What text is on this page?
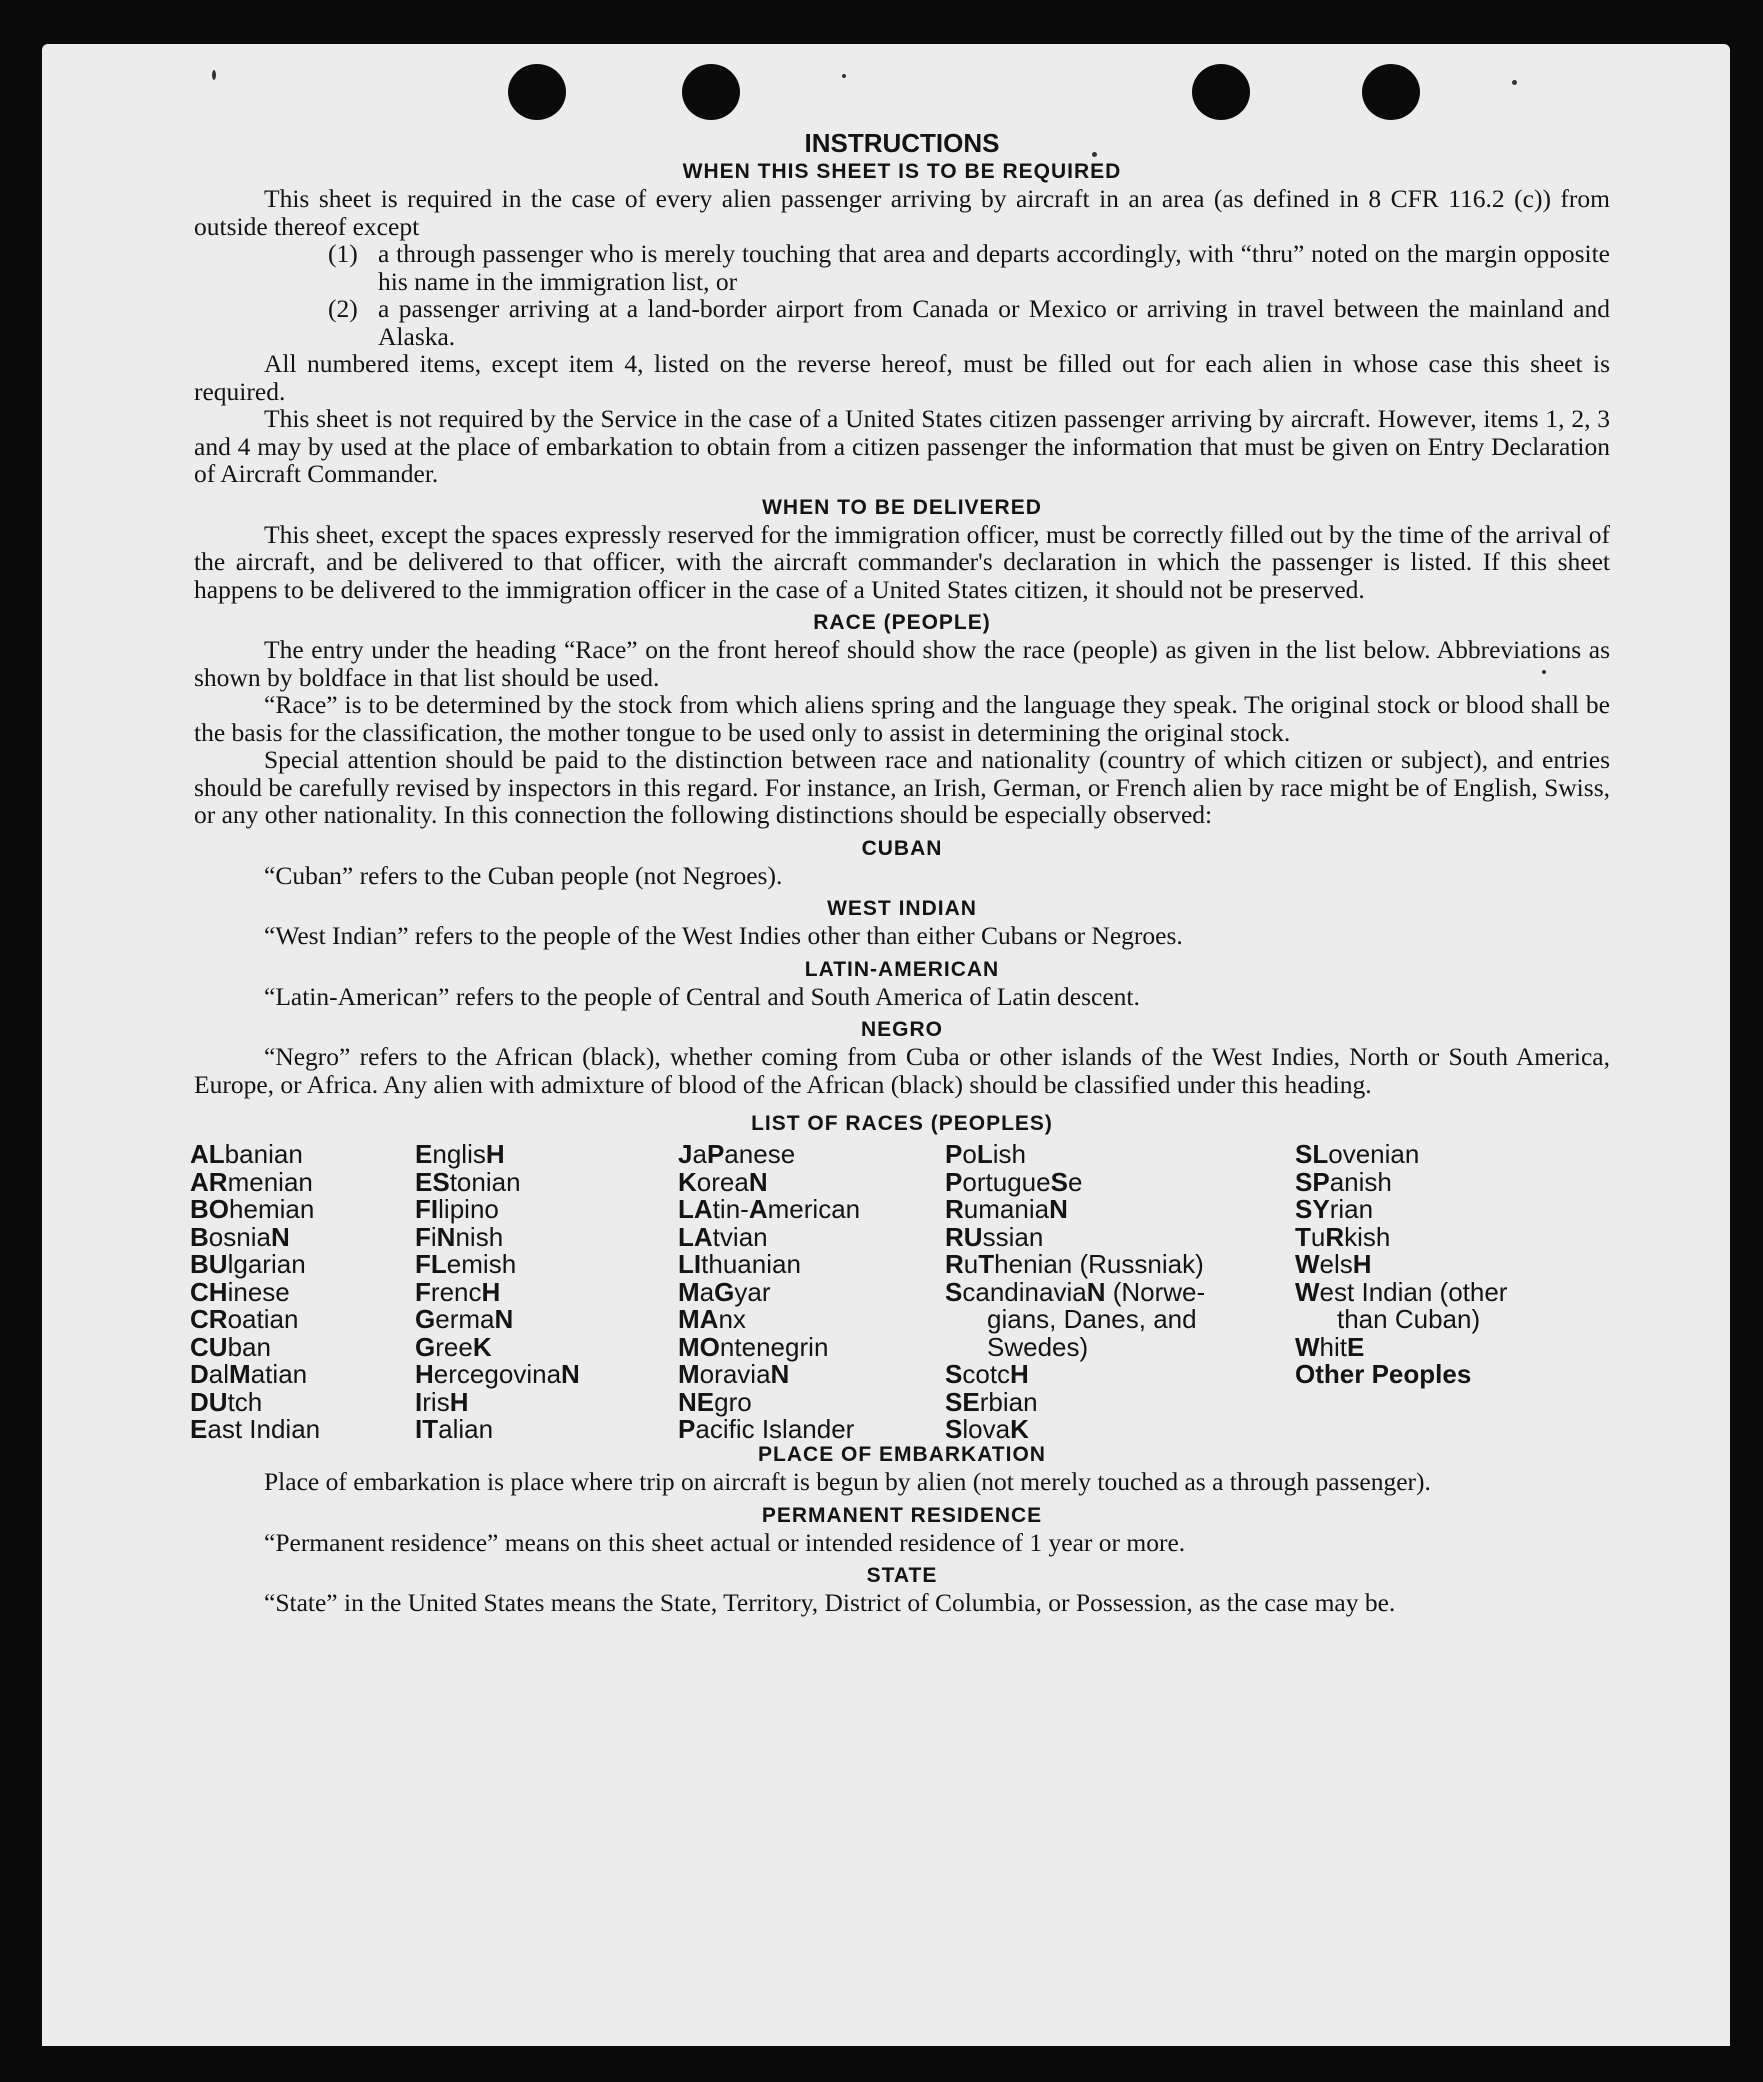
INSTRUCTIONS
WHEN THIS SHEET IS TO BE REQUIRED

This sheet is required in the case of every alien passenger arriving by aircraft in an area (as defined in 8 CFR 116.2 (c)) from outside thereof except

(1) a through passenger who is merely touching that area and departs accordingly, with “thru” noted on the margin opposite his name in the immigration list, or
(2) a passenger arriving at a land-border airport from Canada or Mexico or arriving in travel between the mainland and Alaska.

All numbered items, except item 4, listed on the reverse hereof, must be filled out for each alien in whose case this sheet is required.

This sheet is not required by the Service in the case of a United States citizen passenger arriving by aircraft. However, items 1, 2, 3 and 4 may by used at the place of embarkation to obtain from a citizen passenger the information that must be given on Entry Declaration of Aircraft Commander.

WHEN TO BE DELIVERED

This sheet, except the spaces expressly reserved for the immigration officer, must be correctly filled out by the time of the arrival of the aircraft, and be delivered to that officer, with the aircraft commander's declaration in which the passenger is listed. If this sheet happens to be delivered to the immigration officer in the case of a United States citizen, it should not be preserved.

RACE (PEOPLE)

The entry under the heading “Race” on the front hereof should show the race (people) as given in the list below. Abbreviations as shown by boldface in that list should be used.

“Race” is to be determined by the stock from which aliens spring and the language they speak. The original stock or blood shall be the basis for the classification, the mother tongue to be used only to assist in determining the original stock.

Special attention should be paid to the distinction between race and nationality (country of which citizen or subject), and entries should be carefully revised by inspectors in this regard. For instance, an Irish, German, or French alien by race might be of English, Swiss, or any other nationality. In this connection the following distinctions should be especially observed:

CUBAN

“Cuban” refers to the Cuban people (not Negroes).

WEST INDIAN

“West Indian” refers to the people of the West Indies other than either Cubans or Negroes.

LATIN-AMERICAN

“Latin-American” refers to the people of Central and South America of Latin descent.

NEGRO

“Negro” refers to the African (black), whether coming from Cuba or other islands of the West Indies, North or South America, Europe, or Africa. Any alien with admixture of blood of the African (black) should be classified under this heading.

LIST OF RACES (PEOPLES)
ALbanian
ARmenian
BOhemian
BosniaN
BUlgarian
CHinese
CRoatian
CUban
DalMatian
DUtch
East Indian
EnglisH
EStonian
FIlipino
FiNnish
FLemish
FrencH
GermaN
GreeK
HercegovinaN
IrisH
ITalian
JaPanese
KoreaN
LAtin-American
LAtvian
LIthuanian
MaGyar
MAnx
MOntenegrin
MoraviaN
NEgro
Pacific Islander
PoLish
PortugueSe
RumaniaN
RUssian
RuThenian (Russniak)
ScandinaviaN (Norwe-
gians, Danes, and
Swedes)
ScotcH
SErbian
SlovaK
SLovenian
SPanish
SYrian
TuRkish
WelsH
West Indian (other
than Cuban)
WhitE
Other Peoples
PLACE OF EMBARKATION

Place of embarkation is place where trip on aircraft is begun by alien (not merely touched as a through passenger).

PERMANENT RESIDENCE

“Permanent residence” means on this sheet actual or intended residence of 1 year or more.

STATE

“State” in the United States means the State, Territory, District of Columbia, or Possession, as the case may be.
